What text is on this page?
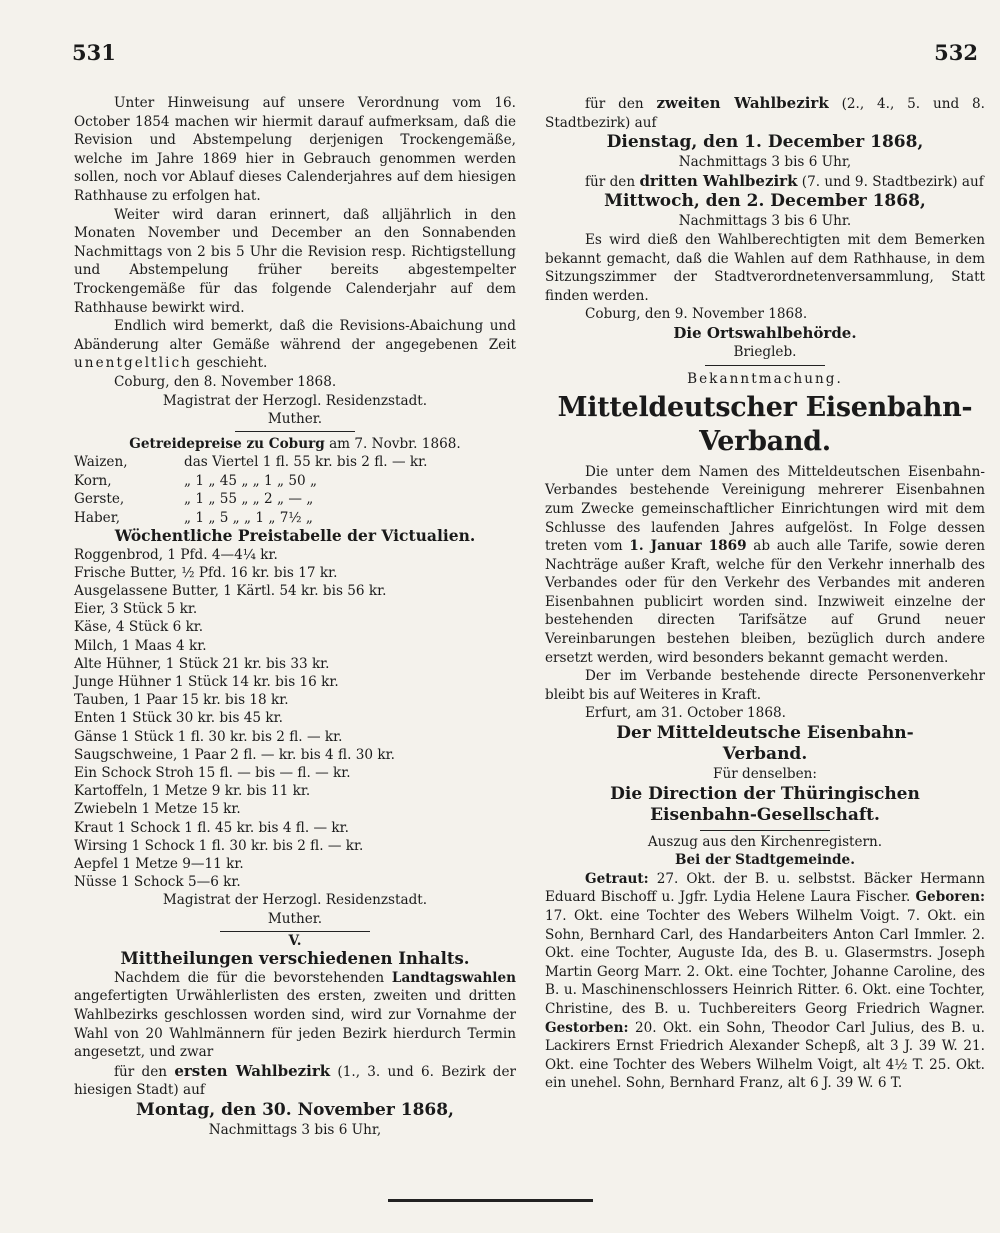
531	532

Unter Hinweisung auf unsere Verordnung vom 16. October 1854 machen wir hiermit darauf aufmerksam, daß die Revision und Abstempelung derjenigen Trockengemäße, welche im Jahre 1869 hier in Gebrauch genommen werden sollen, noch vor Ablauf dieses Calenderjahres auf dem hiesigen Rathhause zu erfolgen hat.

Weiter wird daran erinnert, daß alljährlich in den Monaten November und December an den Sonnabenden Nachmittags von 2 bis 5 Uhr die Revision resp. Richtigstellung und Abstempelung früher bereits abgestempelter Trockengemäße für das folgende Calenderjahr auf dem Rathhause bewirkt wird.

Endlich wird bemerkt, daß die Revisions-Abaichung und Abänderung alter Gemäße während der angegebenen Zeit unentgeltlich geschieht.

Coburg, den 8. November 1868.

Magistrat der Herzogl. Residenzstadt.

Muther.

Getreidepreise zu Coburg am 7. Novbr. 1868.

Waizen,	das Viertel 1 fl. 55 kr. bis 2 fl. — kr.
Korn,	„ 1 „ 45 „ „ 1 „ 50 „
Gerste,	„ 1 „ 55 „ „ 2 „ — „
Haber,	„ 1 „ 5 „ „ 1 „ 7½ „

Wöchentliche Preistabelle der Victualien.

Roggenbrod, 1 Pfd. 4—4¼ kr.

Frische Butter, ½ Pfd. 16 kr. bis 17 kr.

Ausgelassene Butter, 1 Kärtl. 54 kr. bis 56 kr.

Eier, 3 Stück 5 kr.

Käse, 4 Stück 6 kr.

Milch, 1 Maas 4 kr.

Alte Hühner, 1 Stück 21 kr. bis 33 kr.

Junge Hühner 1 Stück 14 kr. bis 16 kr.

Tauben, 1 Paar 15 kr. bis 18 kr.

Enten 1 Stück 30 kr. bis 45 kr.

Gänse 1 Stück 1 fl. 30 kr. bis 2 fl. — kr.

Saugschweine, 1 Paar 2 fl. — kr. bis 4 fl. 30 kr.

Ein Schock Stroh 15 fl. — bis — fl. — kr.

Kartoffeln, 1 Metze 9 kr. bis 11 kr.

Zwiebeln 1 Metze 15 kr.

Kraut 1 Schock 1 fl. 45 kr. bis 4 fl. — kr.

Wirsing 1 Schock 1 fl. 30 kr. bis 2 fl. — kr.

Aepfel 1 Metze 9—11 kr.

Nüsse 1 Schock 5—6 kr.

Magistrat der Herzogl. Residenzstadt.

Muther.

V.

Mittheilungen verschiedenen Inhalts.

Nachdem die für die bevorstehenden Landtagswahlen angefertigten Urwählerlisten des ersten, zweiten und dritten Wahlbezirks geschlossen worden sind, wird zur Vornahme der Wahl von 20 Wahlmännern für jeden Bezirk hierdurch Termin angesetzt, und zwar

für den ersten Wahlbezirk (1., 3. und 6. Bezirk der hiesigen Stadt) auf

Montag, den 30. November 1868,

Nachmittags 3 bis 6 Uhr,

für den zweiten Wahlbezirk (2., 4., 5. und 8. Stadtbezirk) auf

Dienstag, den 1. December 1868,

Nachmittags 3 bis 6 Uhr,

für den dritten Wahlbezirk (7. und 9. Stadtbezirk) auf

Mittwoch, den 2. December 1868,

Nachmittags 3 bis 6 Uhr.

Es wird dieß den Wahlberechtigten mit dem Bemerken bekannt gemacht, daß die Wahlen auf dem Rathhause, in dem Sitzungszimmer der Stadtverordnetenversammlung, Statt finden werden.

Coburg, den 9. November 1868.

Die Ortswahlbehörde.

Briegleb.

Bekanntmachung.

Mitteldeutscher Eisenbahn-Verband.

Die unter dem Namen des Mitteldeutschen Eisenbahn-Verbandes bestehende Vereinigung mehrerer Eisenbahnen zum Zwecke gemeinschaftlicher Einrichtungen wird mit dem Schlusse des laufenden Jahres aufgelöst. In Folge dessen treten vom 1. Januar 1869 ab auch alle Tarife, sowie deren Nachträge außer Kraft, welche für den Verkehr innerhalb des Verbandes oder für den Verkehr des Verbandes mit anderen Eisenbahnen publicirt worden sind. Inzwiweit einzelne der bestehenden directen Tarifsätze auf Grund neuer Vereinbarungen bestehen bleiben, bezüglich durch andere ersetzt werden, wird besonders bekannt gemacht werden.

Der im Verbande bestehende directe Personenverkehr bleibt bis auf Weiteres in Kraft.

Erfurt, am 31. October 1868.

Der Mitteldeutsche Eisenbahn-

Verband.

Für denselben:

Die Direction der Thüringischen

Eisenbahn-Gesellschaft.

Auszug aus den Kirchenregistern.

Bei der Stadtgemeinde.

Getraut: 27. Okt. der B. u. selbstst. Bäcker Hermann Eduard Bischoff u. Jgfr. Lydia Helene Laura Fischer. Geboren: 17. Okt. eine Tochter des Webers Wilhelm Voigt. 7. Okt. ein Sohn, Bernhard Carl, des Handarbeiters Anton Carl Immler. 2. Okt. eine Tochter, Auguste Ida, des B. u. Glasermstrs. Joseph Martin Georg Marr. 2. Okt. eine Tochter, Johanne Caroline, des B. u. Maschinenschlossers Heinrich Ritter. 6. Okt. eine Tochter, Christine, des B. u. Tuchbereiters Georg Friedrich Wagner. Gestorben: 20. Okt. ein Sohn, Theodor Carl Julius, des B. u. Lackirers Ernst Friedrich Alexander Schepß, alt 3 J. 39 W. 21. Okt. eine Tochter des Webers Wilhelm Voigt, alt 4½ T. 25. Okt. ein unehel. Sohn, Bernhard Franz, alt 6 J. 39 W. 6 T.
